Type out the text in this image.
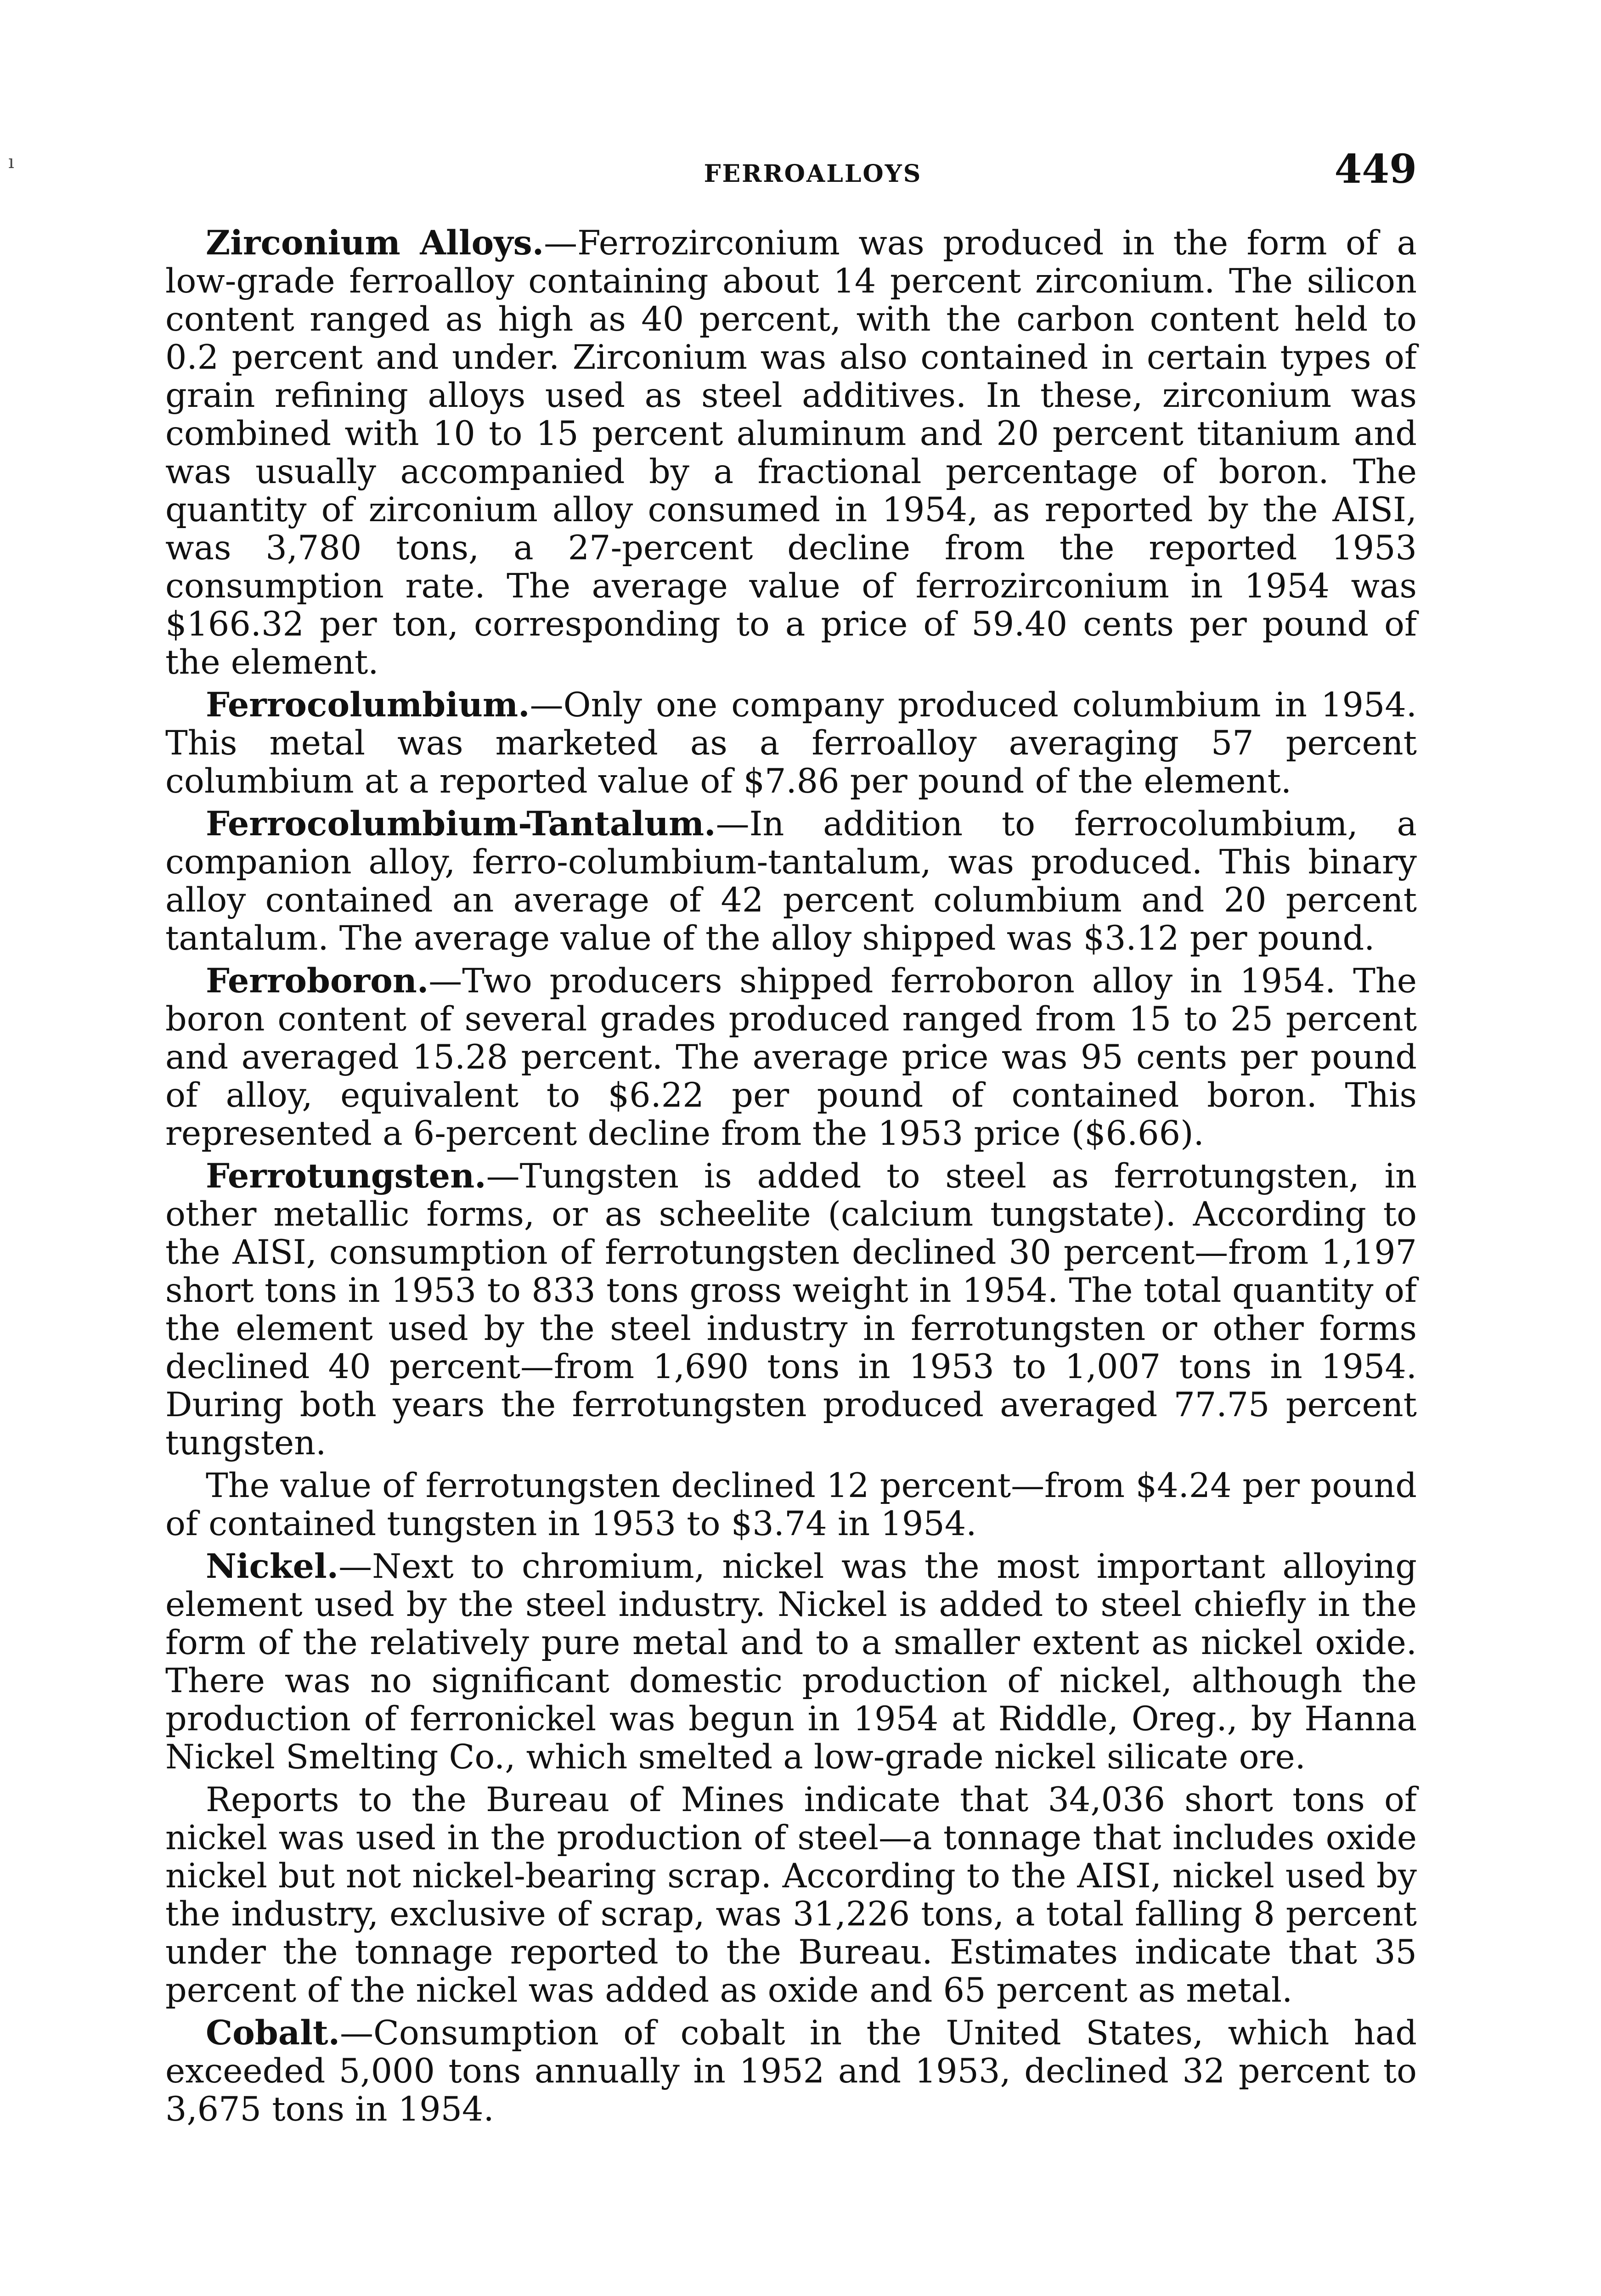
ı	FERROALLOYS	449

Zirconium Alloys.—Ferrozirconium was produced in the form of a low-grade ferroalloy containing about 14 percent zirconium. The silicon content ranged as high as 40 percent, with the carbon content held to 0.2 percent and under. Zirconium was also contained in certain types of grain refining alloys used as steel additives. In these, zirconium was combined with 10 to 15 percent aluminum and 20 percent titanium and was usually accompanied by a fractional percentage of boron. The quantity of zirconium alloy consumed in 1954, as reported by the AISI, was 3,780 tons, a 27-percent decline from the reported 1953 consumption rate. The average value of ferrozirconium in 1954 was $166.32 per ton, corresponding to a price of 59.40 cents per pound of the element.

Ferrocolumbium.—Only one company produced columbium in 1954. This metal was marketed as a ferroalloy averaging 57 percent columbium at a reported value of $7.86 per pound of the element.

Ferrocolumbium-Tantalum.—In addition to ferrocolumbium, a companion alloy, ferro-columbium-tantalum, was produced. This binary alloy contained an average of 42 percent columbium and 20 percent tantalum. The average value of the alloy shipped was $3.12 per pound.

Ferroboron.—Two producers shipped ferroboron alloy in 1954. The boron content of several grades produced ranged from 15 to 25 percent and averaged 15.28 percent. The average price was 95 cents per pound of alloy, equivalent to $6.22 per pound of contained boron. This represented a 6-percent decline from the 1953 price ($6.66).

Ferrotungsten.—Tungsten is added to steel as ferrotungsten, in other metallic forms, or as scheelite (calcium tungstate). According to the AISI, consumption of ferrotungsten declined 30 percent—from 1,197 short tons in 1953 to 833 tons gross weight in 1954. The total quantity of the element used by the steel industry in ferrotungsten or other forms declined 40 percent—from 1,690 tons in 1953 to 1,007 tons in 1954. During both years the ferrotungsten produced averaged 77.75 percent tungsten.

The value of ferrotungsten declined 12 percent—from $4.24 per pound of contained tungsten in 1953 to $3.74 in 1954.

Nickel.—Next to chromium, nickel was the most important alloying element used by the steel industry. Nickel is added to steel chiefly in the form of the relatively pure metal and to a smaller extent as nickel oxide. There was no significant domestic production of nickel, although the production of ferronickel was begun in 1954 at Riddle, Oreg., by Hanna Nickel Smelting Co., which smelted a low-grade nickel silicate ore.

Reports to the Bureau of Mines indicate that 34,036 short tons of nickel was used in the production of steel—a tonnage that includes oxide nickel but not nickel-bearing scrap. According to the AISI, nickel used by the industry, exclusive of scrap, was 31,226 tons, a total falling 8 percent under the tonnage reported to the Bureau. Estimates indicate that 35 percent of the nickel was added as oxide and 65 percent as metal.

Cobalt.—Consumption of cobalt in the United States, which had exceeded 5,000 tons annually in 1952 and 1953, declined 32 percent to 3,675 tons in 1954.
